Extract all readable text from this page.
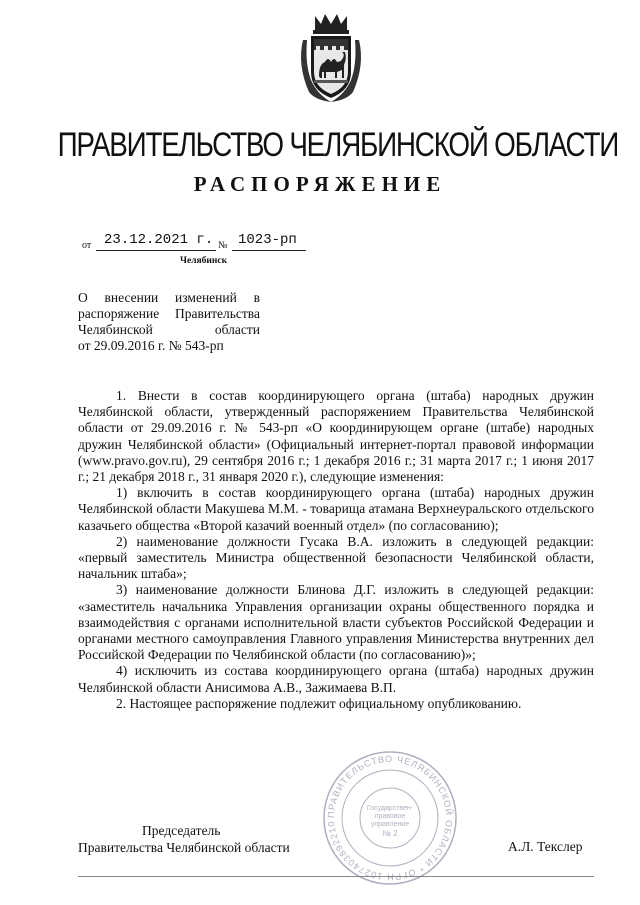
ПРАВИТЕЛЬСТВО ЧЕЛЯБИНСКОЙ ОБЛАСТИ
РАСПОРЯЖЕНИЕ
от 23.12.2021 г. № 1023-рп
Челябинск
О внесении изменений в
распоряжение Правительства
Челябинской области
от 29.09.2016 г. № 543-рп

1. Внести в состав координирующего органа (штаба) народных дружин Челябинской области, утвержденный распоряжением Правительства Челябинской области от 29.09.2016 г. № 543-рп «О координирующем органе (штабе) народных дружин Челябинской области» (Официальный интернет-портал правовой информации (www.pravo.gov.ru), 29 сентября 2016 г.; 1 декабря 2016 г.; 31 марта 2017 г.; 1 июня 2017 г.; 21 декабря 2018 г., 31 января 2020 г.), следующие изменения:

1) включить в состав координирующего органа (штаба) народных дружин Челябинской области Макушева М.М. - товарища атамана Верхнеуральского отдельского казачьего общества «Второй казачий военный отдел» (по согласованию);

2) наименование должности Гусака В.А. изложить в следующей редакции: «первый заместитель Министра общественной безопасности Челябинской области, начальник штаба»;

3) наименование должности Блинова Д.Г. изложить в следующей редакции: «заместитель начальника Управления организации охраны общественного порядка и взаимодействия с органами исполнительной власти субъектов Российской Федерации и органами местного самоуправления Главного управления Министерства внутренних дел Российской Федерации по Челябинской области (по согласованию)»;

4) исключить из состава координирующего органа (штаба) народных дружин Челябинской области Анисимова А.В., Зажимаева В.П.

2. Настоящее распоряжение подлежит официальному опубликованию.

ПРАВИТЕЛЬСТВО ЧЕЛЯБИНСКОЙ ОБЛАСТИ * ОГРН 1027403892210
Государствен-
правовое
управление
№ 2
Председатель
Правительства Челябинской области	А.Л. Текслер
